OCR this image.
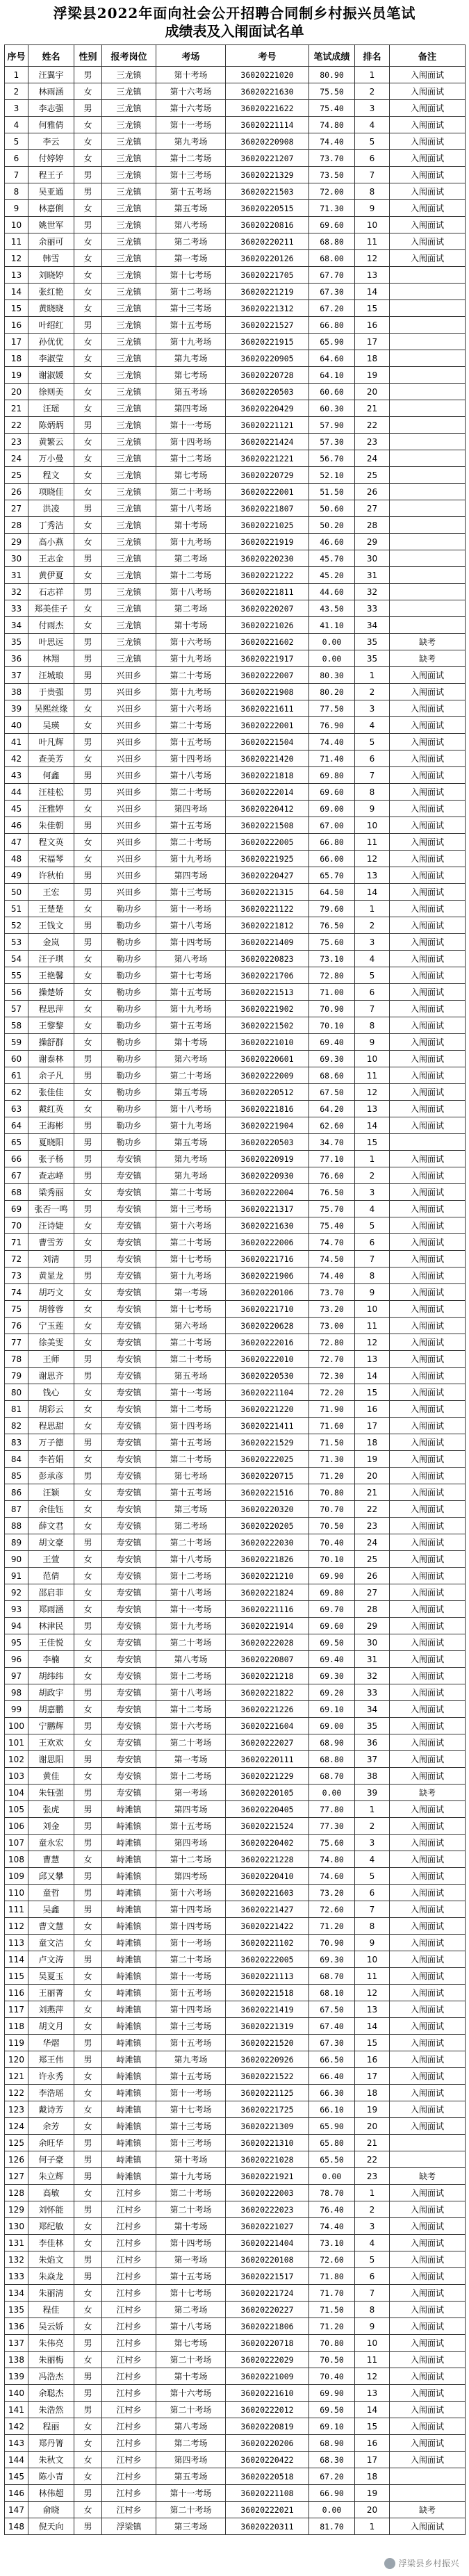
浮梁县2022年面向社会公开招聘合同制乡村振兴员笔试
成绩表及入闱面试名单
序号	姓名	性别	报考岗位	考场	考号	笔试成绩	排名	备注
1	汪翼宇	男	三龙镇	第十考场	36020221020	80.90	1	入闱面试
2	林雨涵	女	三龙镇	第十六考场	36020221630	75.50	2	入闱面试
3	李志强	男	三龙镇	第十六考场	36020221622	75.40	3	入闱面试
4	何雅倩	女	三龙镇	第十一考场	36020221114	74.80	4	入闱面试
5	李云	女	三龙镇	第九考场	36020220908	74.40	5	入闱面试
6	付婷婷	女	三龙镇	第十二考场	36020221207	73.70	6	入闱面试
7	程王子	男	三龙镇	第十三考场	36020221329	73.50	7	入闱面试
8	吴亚通	男	三龙镇	第十五考场	36020221503	72.00	8	入闱面试
9	林嘉俐	女	三龙镇	第五考场	36020220515	71.30	9	入闱面试
10	姚世军	男	三龙镇	第八考场	36020220816	69.60	10	入闱面试
11	余丽可	女	三龙镇	第二考场	36020220211	68.80	11	入闱面试
12	韩雪	女	三龙镇	第一考场	36020220126	68.00	12	入闱面试
13	刘晓婷	女	三龙镇	第十七考场	36020221705	67.70	13	
14	张红艳	女	三龙镇	第十二考场	36020221219	67.30	14	
15	黄晓晓	女	三龙镇	第十三考场	36020221312	67.20	15	
16	叶绍红	男	三龙镇	第十五考场	36020221527	66.80	16	
17	孙优优	女	三龙镇	第十九考场	36020221915	65.90	17	
18	李淑莹	女	三龙镇	第九考场	36020220905	64.60	18	
19	谢淑媛	女	三龙镇	第七考场	36020220728	64.10	19	
20	徐则美	女	三龙镇	第五考场	36020220503	60.60	20	
21	汪瑶	女	三龙镇	第四考场	36020220429	60.30	21	
22	陈炳炳	男	三龙镇	第十一考场	36020221121	57.90	22	
23	黄繁云	女	三龙镇	第十四考场	36020221424	57.30	23	
24	万小曼	女	三龙镇	第十二考场	36020221221	56.70	24	
25	程文	女	三龙镇	第七考场	36020220729	52.10	25	
26	项晓佳	女	三龙镇	第二十考场	36020222001	51.50	26	
27	洪凌	男	三龙镇	第十八考场	36020221807	50.60	27	
28	丁秀洁	女	三龙镇	第十考场	36020221025	50.20	28	
29	高小燕	女	三龙镇	第十九考场	36020221919	46.60	29	
30	王志金	男	三龙镇	第二考场	36020220230	45.70	30	
31	黄伊夏	女	三龙镇	第十二考场	36020221222	45.20	31	
32	石志祥	男	三龙镇	第十八考场	36020221811	44.60	32	
33	郑美佳子	女	三龙镇	第二考场	36020220207	43.50	33	
34	付雨杰	女	三龙镇	第十考场	36020221026	41.10	34	
35	叶思远	男	三龙镇	第十六考场	36020221602	0.00	35	缺考
36	林翔	男	三龙镇	第十九考场	36020221917	0.00	35	缺考
37	汪城琅	男	兴田乡	第二十考场	36020222007	80.30	1	入闱面试
38	于贵强	男	兴田乡	第十九考场	36020221908	80.20	2	入闱面试
39	吴熙丝缘	女	兴田乡	第十六考场	36020221611	77.50	3	入闱面试
40	吴瑛	女	兴田乡	第二十考场	36020222001	76.90	4	入闱面试
41	叶凡辉	男	兴田乡	第十五考场	36020221504	74.40	5	入闱面试
42	查美芳	女	兴田乡	第十四考场	36020221420	71.40	6	入闱面试
43	何鑫	男	兴田乡	第十八考场	36020221818	69.80	7	入闱面试
44	汪桂松	男	兴田乡	第二十考场	36020222014	69.60	8	入闱面试
45	汪雅婷	女	兴田乡	第四考场	36020220412	69.00	9	入闱面试
46	朱佳朝	男	兴田乡	第十五考场	36020221508	67.00	10	入闱面试
47	程文英	女	兴田乡	第二十考场	36020222005	66.80	11	入闱面试
48	宋福琴	女	兴田乡	第十九考场	36020221925	66.00	12	入闱面试
49	许秋柏	男	兴田乡	第四考场	36020220427	65.70	13	入闱面试
50	王宏	男	兴田乡	第十三考场	36020221315	64.50	14	入闱面试
51	王楚楚	女	勒功乡	第十一考场	36020221122	79.60	1	入闱面试
52	王钱文	男	勒功乡	第十八考场	36020221812	76.50	2	入闱面试
53	金岚	男	勒功乡	第十四考场	36020221409	75.60	3	入闱面试
54	汪子琪	女	勒功乡	第八考场	36020220823	73.10	4	入闱面试
55	王艳馨	女	勒功乡	第十七考场	36020221706	72.80	5	入闱面试
56	操楚娇	女	勒功乡	第十五考场	36020221513	71.00	6	入闱面试
57	程思萍	女	勒功乡	第十九考场	36020221902	70.90	7	入闱面试
58	王黎黎	女	勒功乡	第十五考场	36020221502	70.10	8	入闱面试
59	操舒群	女	勒功乡	第十考场	36020221010	69.40	9	入闱面试
60	谢泰林	男	勒功乡	第六考场	36020220601	69.30	10	入闱面试
61	余子凡	男	勒功乡	第二十考场	36020222009	68.60	11	入闱面试
62	张佳佳	女	勒功乡	第五考场	36020220512	67.50	12	入闱面试
63	戴红英	女	勒功乡	第十八考场	36020221816	64.20	13	入闱面试
64	王海彬	男	勒功乡	第十九考场	36020221904	62.60	14	入闱面试
65	夏晓阳	男	勒功乡	第五考场	36020220503	34.70	15	
66	张子杨	男	寿安镇	第九考场	36020220919	77.10	1	入闱面试
67	查志峰	男	寿安镇	第九考场	36020220930	76.60	2	入闱面试
68	梁秀丽	女	寿安镇	第二十考场	36020222004	76.50	3	入闱面试
69	张否一鸣	男	寿安镇	第十三考场	36020221317	75.70	4	入闱面试
70	汪诗婕	女	寿安镇	第十六考场	36020221630	75.40	5	入闱面试
71	曹雪芳	女	寿安镇	第二十考场	36020222006	74.70	6	入闱面试
72	刘清	男	寿安镇	第十七考场	36020221716	74.50	7	入闱面试
73	黄显龙	男	寿安镇	第十九考场	36020221906	74.40	8	入闱面试
74	胡巧文	女	寿安镇	第一考场	36020220106	73.70	9	入闱面试
75	胡蓉蓉	女	寿安镇	第十七考场	36020221710	73.20	10	入闱面试
76	宁玉莲	女	寿安镇	第六考场	36020220628	73.00	11	入闱面试
77	徐美雯	女	寿安镇	第二十考场	36020222016	72.80	12	入闱面试
78	王师	男	寿安镇	第二十考场	36020222010	72.70	13	入闱面试
79	谢思齐	男	寿安镇	第五考场	36020220530	72.30	14	入闱面试
80	钱心	女	寿安镇	第十一考场	36020221104	72.20	15	入闱面试
81	胡彩云	女	寿安镇	第十二考场	36020221220	71.90	16	入闱面试
82	程思甜	女	寿安镇	第十四考场	36020221411	71.60	17	入闱面试
83	万子德	男	寿安镇	第十五考场	36020221529	71.50	18	入闱面试
84	李若娟	女	寿安镇	第二十考场	36020222025	71.30	19	入闱面试
85	彭承彦	男	寿安镇	第七考场	36020220715	71.20	20	入闱面试
86	汪颖	女	寿安镇	第十五考场	36020221516	70.80	21	入闱面试
87	余佳钰	女	寿安镇	第三考场	36020220320	70.70	22	入闱面试
88	薛文君	女	寿安镇	第二考场	36020220205	70.50	23	入闱面试
89	胡文豪	男	寿安镇	第二十考场	36020222030	70.40	24	入闱面试
90	王萱	女	寿安镇	第十八考场	36020221826	70.10	25	入闱面试
91	范倩	女	寿安镇	第十二考场	36020221210	69.90	26	入闱面试
92	邵启菲	女	寿安镇	第十八考场	36020221824	69.80	27	入闱面试
93	郑雨涵	女	寿安镇	第十一考场	36020221116	69.70	28	入闱面试
94	林津民	男	寿安镇	第十九考场	36020221914	69.60	29	入闱面试
95	王佳悦	女	寿安镇	第二十考场	36020222028	69.50	30	入闱面试
96	李楠	女	寿安镇	第八考场	36020220807	69.40	31	入闱面试
97	胡纬纬	女	寿安镇	第十二考场	36020221218	69.30	32	入闱面试
98	胡政宇	男	寿安镇	第十八考场	36020221822	69.20	33	入闱面试
99	胡嘉鹏	女	寿安镇	第十二考场	36020221226	69.10	34	入闱面试
100	宁鹏辉	男	寿安镇	第十六考场	36020221604	69.00	35	入闱面试
101	王欢欢	女	寿安镇	第二十考场	36020222027	68.90	36	入闱面试
102	谢思阳	男	寿安镇	第一考场	36020220111	68.80	37	入闱面试
103	黄佳	女	寿安镇	第十二考场	36020221229	68.70	38	入闱面试
104	朱钰强	男	寿安镇	第一考场	36020220105	0.00	39	缺考
105	张虎	男	峙滩镇	第四考场	36020220405	77.80	1	入闱面试
106	刘金	男	峙滩镇	第十五考场	36020221524	77.30	2	入闱面试
107	童永宏	男	峙滩镇	第四考场	36020220402	75.60	3	入闱面试
108	曹慧	女	峙滩镇	第十二考场	36020221228	74.80	4	入闱面试
109	邱又攀	男	峙滩镇	第四考场	36020220410	74.60	5	入闱面试
110	童哲	男	峙滩镇	第十六考场	36020221603	73.20	6	入闱面试
111	吴鑫	男	峙滩镇	第十四考场	36020221427	72.60	7	入闱面试
112	曹文慧	女	峙滩镇	第十四考场	36020221422	71.20	8	入闱面试
113	童文洁	女	峙滩镇	第十一考场	36020221102	70.90	9	入闱面试
114	卢文涛	男	峙滩镇	第二十考场	36020222005	69.30	10	入闱面试
115	吴夏玉	女	峙滩镇	第十一考场	36020221113	68.70	11	入闱面试
116	王丽菁	女	峙滩镇	第十五考场	36020221518	68.10	12	入闱面试
117	刘燕萍	女	峙滩镇	第十四考场	36020221419	67.50	13	入闱面试
118	胡文月	女	峙滩镇	第十三考场	36020221319	67.40	14	入闱面试
119	华熠	男	峙滩镇	第十五考场	36020221520	67.30	15	入闱面试
120	郑王伟	男	峙滩镇	第九考场	36020220926	66.50	16	入闱面试
121	许永秀	女	峙滩镇	第十五考场	36020221522	66.40	17	入闱面试
122	李浩瑶	女	峙滩镇	第十一考场	36020221125	66.30	18	入闱面试
123	戴诗芳	女	峙滩镇	第十七考场	36020221725	66.10	19	入闱面试
124	余芳	女	峙滩镇	第十三考场	36020221309	65.90	20	入闱面试
125	余旺华	男	峙滩镇	第十三考场	36020221310	65.80	21	
126	何子豪	男	峙滩镇	第十考场	36020221028	65.50	22	
127	朱立辉	男	峙滩镇	第十九考场	36020221921	0.00	23	缺考
128	高敏	女	江村乡	第二十考场	36020222003	78.70	1	入闱面试
129	刘怀能	男	江村乡	第二十考场	36020222023	76.40	2	入闱面试
130	郑纪敏	女	江村乡	第十考场	36020221027	74.40	3	入闱面试
131	李佳林	女	江村乡	第十四考场	36020221404	73.10	4	入闱面试
132	朱焰文	男	江村乡	第一考场	36020220108	72.60	5	入闱面试
133	朱焱龙	男	江村乡	第十五考场	36020221517	71.80	6	入闱面试
134	朱丽清	女	江村乡	第十七考场	36020221724	71.70	7	入闱面试
135	程佳	女	江村乡	第二考场	36020220227	71.50	8	入闱面试
136	吴云娇	女	江村乡	第十八考场	36020221806	71.20	9	入闱面试
137	朱伟亮	男	江村乡	第七考场	36020220718	70.80	10	入闱面试
138	朱丽梅	女	江村乡	第二十考场	36020222029	70.50	11	入闱面试
139	冯浩杰	男	江村乡	第十考场	36020221009	70.40	12	入闱面试
140	余聪杰	男	江村乡	第十六考场	36020221610	69.90	13	入闱面试
141	朱浩然	男	江村乡	第二十考场	36020222012	69.50	14	入闱面试
142	程丽	女	江村乡	第八考场	36020220819	69.10	15	入闱面试
143	郑丹箐	女	江村乡	第二考场	36020220206	68.90	16	入闱面试
144	朱秋文	女	江村乡	第四考场	36020220422	68.30	17	入闱面试
145	陈小青	女	江村乡	第五考场	36020220518	67.20	18	
146	林伟超	男	江村乡	第十一考场	36020221108	66.90	19	
147	俞晓	女	江村乡	第二十考场	36020222021	0.00	20	缺考
148	倪天向	男	浮梁镇	第三考场	36020220311	81.70	1	入闱面试
浮梁县乡村振兴
